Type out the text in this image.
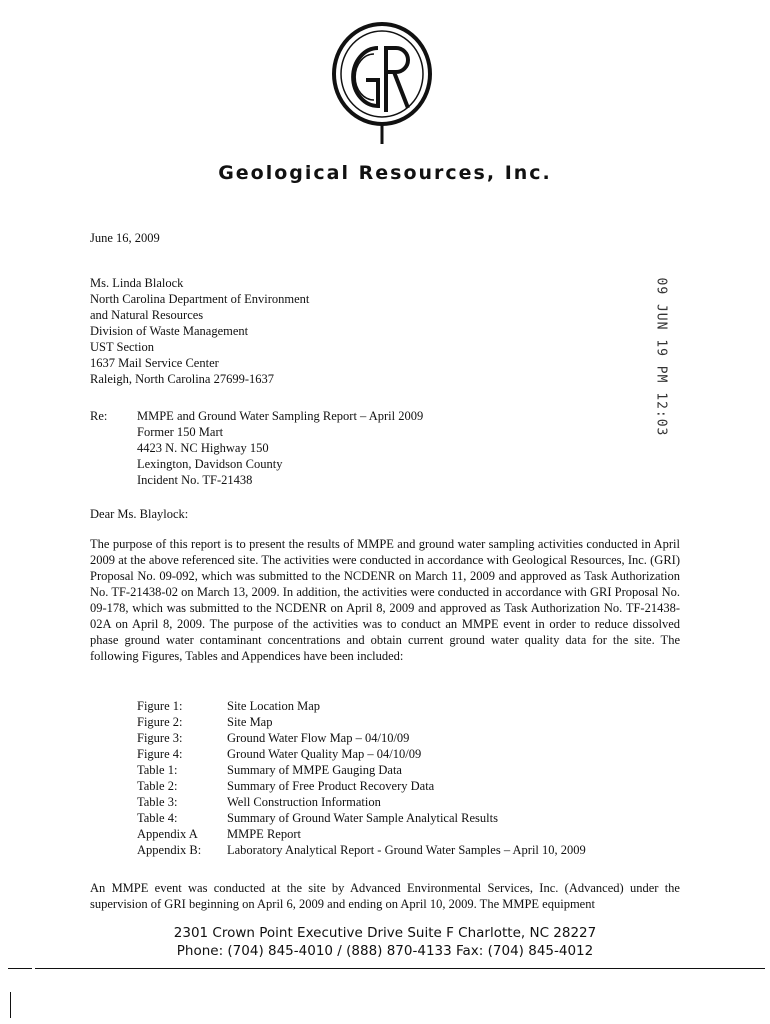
Geological Resources, Inc.
June 16, 2009
Ms. Linda Blalock
North Carolina Department of Environment
and Natural Resources
Division of Waste Management
UST Section
1637 Mail Service Center
Raleigh, North Carolina 27699-1637	09 JUN 19 PM 12:03
Re: MMPE and Ground Water Sampling Report – April 2009
Former 150 Mart
4423 N. NC Highway 150
Lexington, Davidson County
Incident No. TF-21438
Dear Ms. Blaylock:

The purpose of this report is to present the results of MMPE and ground water sampling activities conducted in April 2009 at the above referenced site. The activities were conducted in accordance with Geological Resources, Inc. (GRI) Proposal No. 09-092, which was submitted to the NCDENR on March 11, 2009 and approved as Task Authorization No. TF-21438-02 on March 13, 2009. In addition, the activities were conducted in accordance with GRI Proposal No. 09-178, which was submitted to the NCDENR on April 8, 2009 and approved as Task Authorization No. TF-21438-02A on April 8, 2009. The purpose of the activities was to conduct an MMPE event in order to reduce dissolved phase ground water contaminant concentrations and obtain current ground water quality data for the site. The following Figures, Tables and Appendices have been included:

Figure 1:	Site Location Map
Figure 2:	Site Map
Figure 3:	Ground Water Flow Map – 04/10/09
Figure 4:	Ground Water Quality Map – 04/10/09
Table 1:	Summary of MMPE Gauging Data
Table 2:	Summary of Free Product Recovery Data
Table 3:	Well Construction Information
Table 4:	Summary of Ground Water Sample Analytical Results
Appendix A	MMPE Report
Appendix B:	Laboratory Analytical Report - Ground Water Samples – April 10, 2009

An MMPE event was conducted at the site by Advanced Environmental Services, Inc. (Advanced) under the supervision of GRI beginning on April 6, 2009 and ending on April 10, 2009. The MMPE equipment

2301 Crown Point Executive Drive Suite F Charlotte, NC 28227
Phone: (704) 845-4010 / (888) 870-4133 Fax: (704) 845-4012
